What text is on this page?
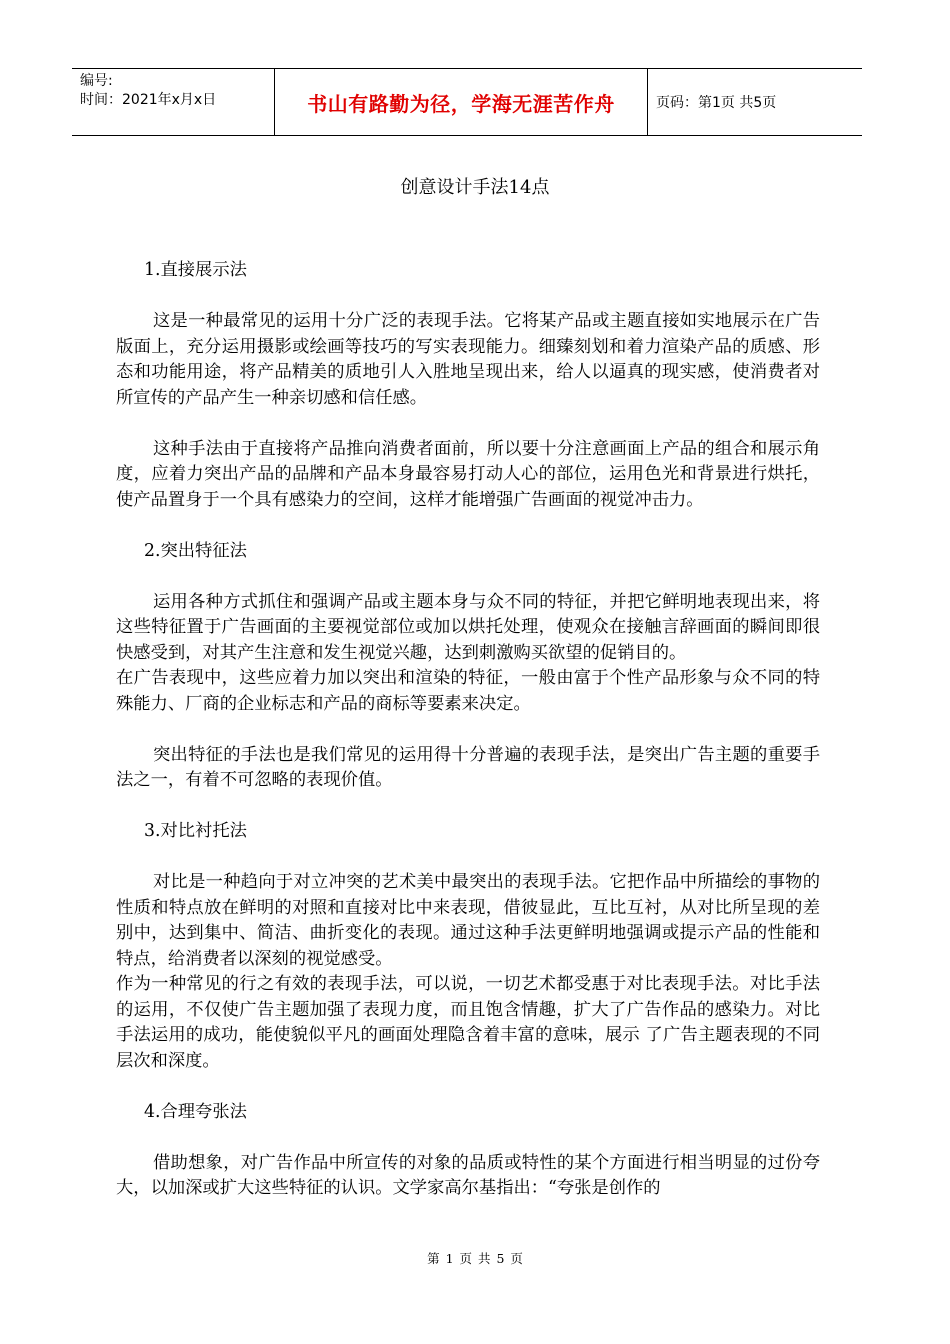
编号:
时间：2021年x月x日	书山有路勤为径，学海无涯苦作舟	页码：第1页 共5页
创意设计手法14点

1.直接展示法

这是一种最常见的运用十分广泛的表现手法。它将某产品或主题直接如实地展示在广告版面上，充分运用摄影或绘画等技巧的写实表现能力。细臻刻划和着力渲染产品的质感、形态和功能用途，将产品精美的质地引人入胜地呈现出来，给人以逼真的现实感，使消费者对所宣传的产品产生一种亲切感和信任感。

这种手法由于直接将产品推向消费者面前，所以要十分注意画面上产品的组合和展示角度，应着力突出产品的品牌和产品本身最容易打动人心的部位，运用色光和背景进行烘托，使产品置身于一个具有感染力的空间，这样才能增强广告画面的视觉冲击力。

2.突出特征法

运用各种方式抓住和强调产品或主题本身与众不同的特征，并把它鲜明地表现出来，将这些特征置于广告画面的主要视觉部位或加以烘托处理，使观众在接触言辞画面的瞬间即很快感受到，对其产生注意和发生视觉兴趣，达到刺激购买欲望的促销目的。

在广告表现中，这些应着力加以突出和渲染的特征，一般由富于个性产品形象与众不同的特殊能力、厂商的企业标志和产品的商标等要素来决定。

突出特征的手法也是我们常见的运用得十分普遍的表现手法，是突出广告主题的重要手法之一，有着不可忽略的表现价值。

3.对比衬托法

对比是一种趋向于对立冲突的艺术美中最突出的表现手法。它把作品中所描绘的事物的性质和特点放在鲜明的对照和直接对比中来表现，借彼显此，互比互衬，从对比所呈现的差别中，达到集中、简洁、曲折变化的表现。通过这种手法更鲜明地强调或提示产品的性能和特点，给消费者以深刻的视觉感受。

作为一种常见的行之有效的表现手法，可以说，一切艺术都受惠于对比表现手法。对比手法的运用，不仅使广告主题加强了表现力度，而且饱含情趣，扩大了广告作品的感染力。对比手法运用的成功，能使貌似平凡的画面处理隐含着丰富的意味，展示 了广告主题表现的不同层次和深度。

4.合理夸张法

借助想象，对广告作品中所宣传的对象的品质或特性的某个方面进行相当明显的过份夸大，以加深或扩大这些特征的认识。文学家高尔基指出：“夸张是创作的

第 1 页 共 5 页
